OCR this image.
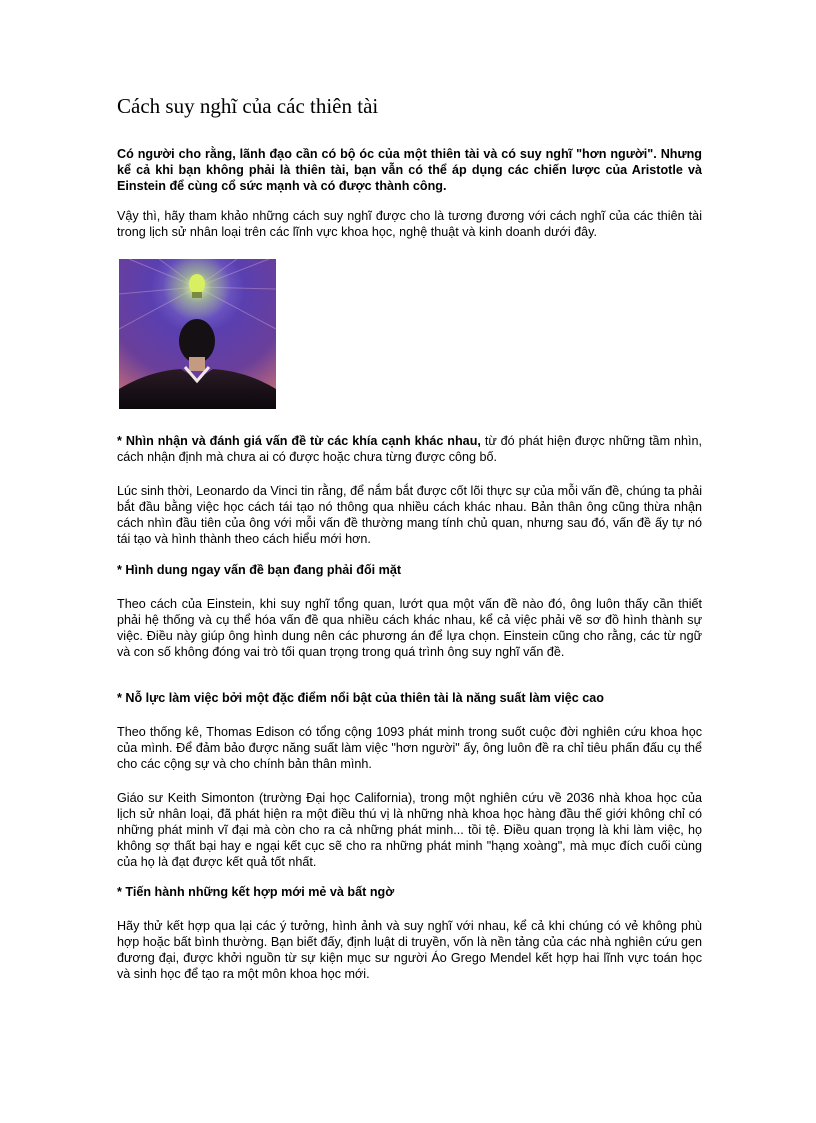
Cách suy nghĩ của các thiên tài

Có người cho rằng, lãnh đạo cần có bộ óc của một thiên tài và có suy nghĩ "hơn người". Nhưng kể cả khi bạn không phải là thiên tài, bạn vẫn có thể áp dụng các chiến lược của Aristotle và Einstein để cùng cổ sức mạnh và có được thành công.

Vậy thì, hãy tham khảo những cách suy nghĩ được cho là tương đương với cách nghĩ của các thiên tài trong lịch sử nhân loại trên các lĩnh vực khoa học, nghệ thuật và kinh doanh dưới đây.

* Nhìn nhận và đánh giá vấn đề từ các khía cạnh khác nhau, từ đó phát hiện được những tầm nhìn, cách nhận định mà chưa ai có được hoặc chưa từng được công bố.

Lúc sinh thời, Leonardo da Vinci tin rằng, để nắm bắt được cốt lõi thực sự của mỗi vấn đề, chúng ta phải bắt đầu bằng việc học cách tái tạo nó thông qua nhiều cách khác nhau. Bản thân ông cũng thừa nhận cách nhìn đầu tiên của ông với mỗi vấn đề thường mang tính chủ quan, nhưng sau đó, vấn đề ấy tự nó tái tạo và hình thành theo cách hiểu mới hơn.

* Hình dung ngay vấn đề bạn đang phải đối mặt

Theo cách của Einstein, khi suy nghĩ tổng quan, lướt qua một vấn đề nào đó, ông luôn thấy cần thiết phải hệ thống và cụ thể hóa vấn đề qua nhiều cách khác nhau, kể cả việc phải vẽ sơ đồ hình thành sự việc. Điều này giúp ông hình dung nên các phương án để lựa chọn. Einstein cũng cho rằng, các từ ngữ và con số không đóng vai trò tối quan trọng trong quá trình ông suy nghĩ vấn đề.

* Nỗ lực làm việc bởi một đặc điểm nổi bật của thiên tài là năng suất làm việc cao

Theo thống kê, Thomas Edison có tổng cộng 1093 phát minh trong suốt cuộc đời nghiên cứu khoa học của mình. Để đảm bảo được năng suất làm việc "hơn người" ấy, ông luôn đề ra chỉ tiêu phấn đấu cụ thể cho các cộng sự và cho chính bản thân mình.

Giáo sư Keith Simonton (trường Đại học California), trong một nghiên cứu về 2036 nhà khoa học của lịch sử nhân loại, đã phát hiện ra một điều thú vị là những nhà khoa học hàng đầu thế giới không chỉ có những phát minh vĩ đại mà còn cho ra cả những phát minh... tồi tệ. Điều quan trọng là khi làm việc, họ không sợ thất bại hay e ngại kết cục sẽ cho ra những phát minh "hạng xoàng", mà mục đích cuối cùng của họ là đạt được kết quả tốt nhất.

* Tiến hành những kết hợp mới mẻ và bất ngờ

Hãy thử kết hợp qua lại các ý tưởng, hình ảnh và suy nghĩ với nhau, kể cả khi chúng có vẻ không phù hợp hoặc bất bình thường. Bạn biết đấy, định luật di truyền, vốn là nền tảng của các nhà nghiên cứu gen đương đại, được khởi nguồn từ sự kiện mục sư người Áo Grego Mendel kết hợp hai lĩnh vực toán học và sinh học để tạo ra một môn khoa học mới.
